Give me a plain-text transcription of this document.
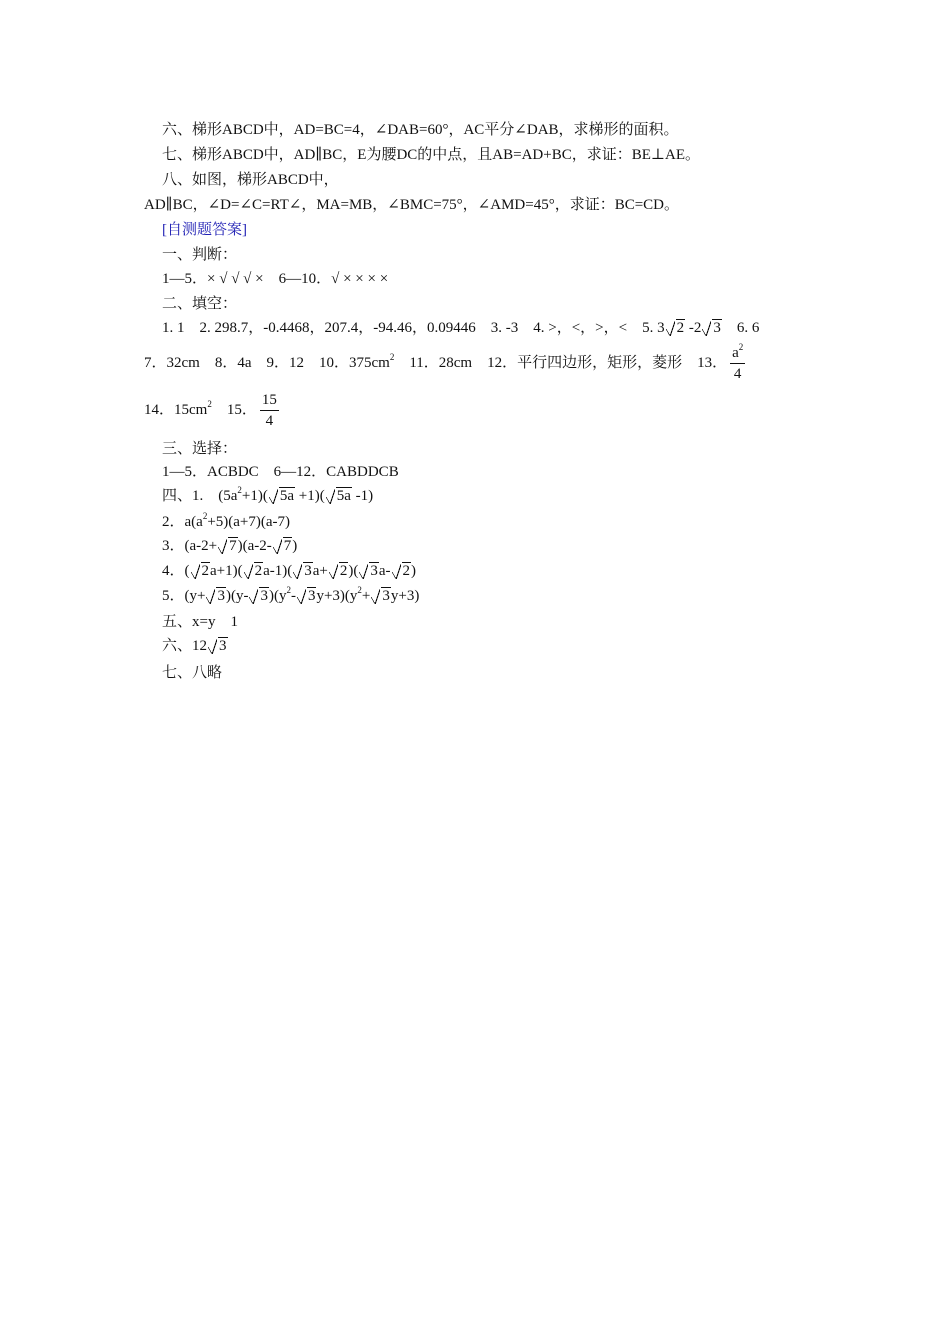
六、梯形ABCD中，AD=BC=4，∠DAB=60°，AC平分∠DAB，求梯形的面积。
七、梯形ABCD中，AD∥BC，E为腰DC的中点，且AB=AD+BC，求证：BE⊥AE。
八、如图，梯形ABCD中，
AD∥BC，∠D=∠C=RT∠，MA=MB，∠BMC=75°，∠AMD=45°，求证：BC=CD。
[自测题答案]
一、判断：
1—5．× √ √ √ ×　6—10．√ × × × ×
二、填空：
1. 1　2. 298.7，-0.4468，207.4，-94.46，0.09446　3. -3　4. >，<，>，<　5. 3 2 -2 3　6. 6
7．32cm　8．4a　9．12　10．$375cm^2$　11．28cm　12．平行四边形，矩形，菱形　13． $\frac{a^2}{4}$
14．$15cm^2$　15． $\frac{15}{4}$
三、选择：
1—5．ACBDC　6—12．CABDDCB
四、1.　$(5a^2+1)$( 5a +1)( 5a -1)
2．$a(a^2+5)(a+7)(a-7)$
3．(a-2+ 7)(a-2- 7)
4．( 2a+1)( 2a-1)( 3a+ 2)( 3a- 2)
5．(y+ 3)(y- $3)(y^2-$ $3y+3)(y^2+ 3y+3)$
五、x=y　1
六、12 3
七、八略
